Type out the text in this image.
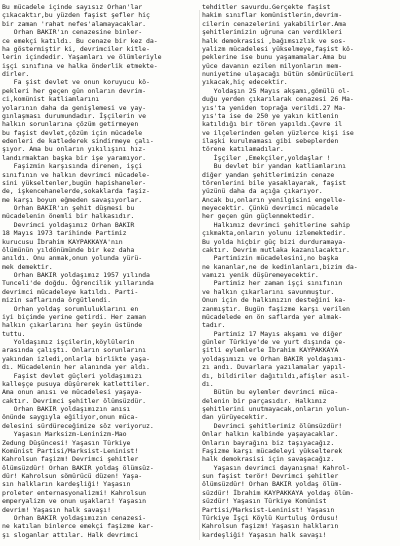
Bu mücadele içinde sayısız Orhan'lar
çıkacaktır,bu yüzden faşist şefler hiç
bir zaman 'rahat nefes'alamayacaklar.
Orhan BAKIR'ın cenazesine binler-
ce emekçi katıldı. Bu cenaze bir kez da-
ha göstermiştir ki, devrimciler kitle-
lerin içindedir. Yaşamları ve ölümleriyle
işçi sınıfına ve halka önderlik etmekte-
dirler.
Fa şist devlet ve onun koruyucu kö-
pekleri her geçen gün onların devrim-
ci,komünist katliamlarını
yolarının daha da genişlemesi ve yay-
gınlaşması durumundadır. İşçilerin ve
halkın sorunlarına çözüm getirmeyen
bu faşist devlet,çözüm için mücadele
edenleri de katlederek sindirmeye çalı-
şıyor. Ama bu onların yıkılışını hız-
landırmaktan başka bir işe yaramıyor.
Faşizmin karşısında direnen, işçi
sınıfının ve halkın devrimci mücadele-
sini yükseltenler,bugün hapishaneler-
de, işkencehanelerde,sokaklarda faşiz-
me karşı boyun eğmeden savaşıyorlar.
Orhan BAKIR'ın şehit düşmesi bu
mücadelenin önemli bir halkasıdır.
Devrimci yoldaşımız Orhan BAKIR
18 Mayıs 1973 tarihinde Partimiz
kurucusu İbrahim KAYPAKKAYA'nın
ölümünün yıldönümünde bir kez daha
anıldı. Onu anmak,onun yolunda yürü-
mek demektir.
Orhan BAKIR yoldaşımız 1957 yılında
Tunceli'de doğdu. Öğrencilik yıllarında
devrimci mücadeleye katıldı. Parti-
mizin saflarında örgütlendi.
Orhan yoldaş sorumluluklarını en
iyi biçimde yerine getirdi. Her zaman
halkın çıkarlarını her şeyin üstünde
tuttu.
Yoldaşımız işçilerin,köylülerin
arasında çalıştı. Onların sorunlarını
yakından izledi,onlarla birlikte yaşa-
dı. Mücadelenin her alanında yer aldı.
Faşist devlet güçleri yoldaşımızı
kalleşçe pusuya düşürerek katlettiler.
Ama onun anısı ve mücadelesi yaşaya-
caktır. Devrimci şehitler ölümsüzdür.
Orhan BAKIR yoldaşımızın anısı
önünde saygıyla eğiliyor,onun müca-
delesini sürdüreceğimize söz veriyoruz.
Yaşasın Marksizm-Leninizm-Mao
Zedung Düşüncesi! Yaşasın Türkiye
Komünist Partisi/Marksist-Leninist!
Kahrolsun faşizm! Devrimci şehitler
ölümsüzdür! Orhan BAKIR yoldaş ölümsüz-
dür! Kahrolsun sömürücü düzen! Yaşa-
sın halkların kardeşliği! Yaşasın
proleter enternasyonalizmi! Kahrolsun
emperyalizm ve onun uşakları! Yaşasın
devrim! Yaşasın halk savaşı!
Orhan BAKIR yoldaşımızın cenazesi-
ne katılan binlerce emekçi faşizme kar-
şı sloganlar attılar. Halk devrimci
tehditler savurdu.Gerçekte faşist
hakim sınıflar komünistlerin,devrim-
cilerin cenazelerini yakabilirler.Ama
şehitlerimizin uğruna can verdikleri
halk demokrasisi ,bağımsızlık ve sos-
yalizm mücadelesi yükselmeye,faşist kö-
peklerine ise bunu yaşamamalar.Ama bu
yüce davanın ezilen milyonların mem-
nuniyetine ulaşacağı bütün sömürücüleri
yıkacak,hiç edecektir.
Yoldaşın 25 Mayıs akşamı,gömülü ol-
duğu yerden çıkarılarak cenazesi 26 Ma-
yıs'ta yeniden toprağa verildi.27 Ma-
yıs'ta ise de 250 ye yakın kitlenin
katıldığı bir tören yapıldı.Çevre il
ve ilçelerinden gelen yüzlerce kişi ise
ilaşki kurulmaması gibi sebeplerden
törene katılamadılar.
İşçiler ,Emekçiler,yoldaşlar !
Bu devlet bir yandan katliamlarını
diğer yandan şehitlerimizin cenaze
törenlerini bile yasaklayarak, faşist
yüzünü daha da açığa çıkarıyor.
Ancak bu,onların yenilgisini engelle-
meyecektir. Çünkü devrimci mücadele
her geçen gün güçlenmektedir.
Halkımız devrimci şehitlerine sahip
çıkmakta,onların yolunu izlemektedir.
Bu yolda hiçbir güç bizi durduramaya-
caktır. Devrim mutlaka kazanılacaktır.
Partimizin mücadelesini,no başka
ne kananlar,ne de kedinlanları,bizim da-
vamızı yenik düşüremeyecektir.
Partimiz her zaman işçi sınıfının
ve halkın çıkarlarını savunmuştur.
Onun için de halkımızın desteğini ka-
zanmıştır. Bugün faşizme karşı verilen
mücadelede en ön saflarda yer almak-
tadır.
Partimiz 17 Mayıs akşamı ve diğer
günler Türkiye'de ve yurt dışında çe-
şitli eylemlerle İbrahim KAYPAKKAYA
yoldaşımızı ve Orhan BAKIR yoldaşımı-
zı andı. Duvarlara yazılamalar yapıl-
dı, bildiriler dağıtıldı,afişler asıl-
dı.
Bütün bu eylemler devrimci müca-
delenin bir parçasıdır. Halkımız
şehitlerini unutmayacak,onların yolun-
dan yürüyecektir.
Devrimci şehitlerimiz ölümsüzdür!
Onlar halkın kalbinde yaşayacaklar.
Onların bayrağını biz taşıyacağız.
Faşizme karşı mücadeleyi yükselterek
halk demokrasisi için savaşacağız.
Yaşasın devrimci dayanışma! Kahrol-
sun faşist terör! Devrimci şehitler
ölümsüzdür! Orhan BAKIR yoldaş ölüm-
süzdür! İbrahim KAYPAKKAYA yoldaş ölüm-
süzdür! Yaşasın Türkiye Komünist
Partisi/Marksist-Leninist! Yaşasın
Türkiye İşçi Köylü Kurtuluş Ordusu!
Kahrolsun faşizm! Yaşasın halkların
kardeşliği! Yaşasın halk savaşı!
